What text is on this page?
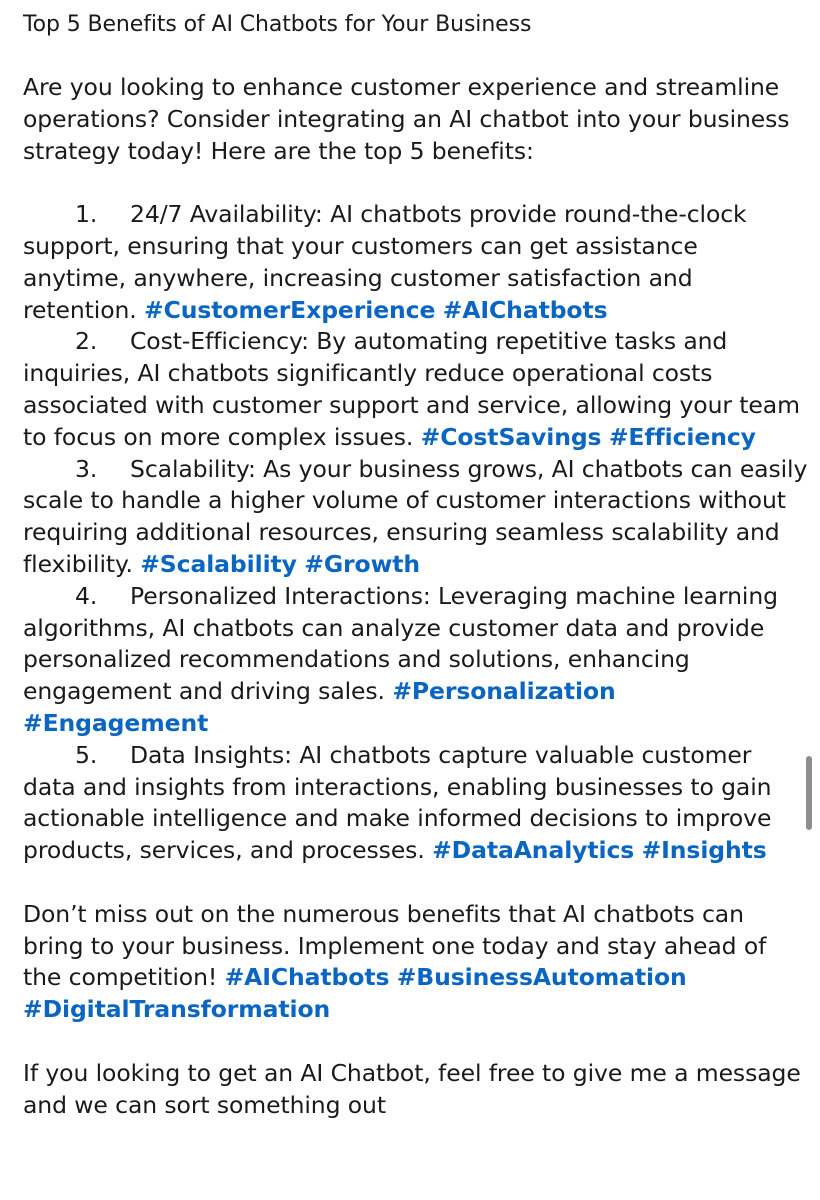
Top 5 Benefits of AI Chatbots for Your Business

Are you looking to enhance customer experience and streamline operations? Consider integrating an AI chatbot into your business strategy today! Here are the top 5 benefits:

1. 24/7 Availability: AI chatbots provide round-the-clock support, ensuring that your customers can get assistance anytime, anywhere, increasing customer satisfaction and retention. #CustomerExperience #AIChatbots
2. Cost-Efficiency: By automating repetitive tasks and inquiries, AI chatbots significantly reduce operational costs associated with customer support and service, allowing your team to focus on more complex issues. #CostSavings #Efficiency
3. Scalability: As your business grows, AI chatbots can easily scale to handle a higher volume of customer interactions without requiring additional resources, ensuring seamless scalability and flexibility. #Scalability #Growth
4. Personalized Interactions: Leveraging machine learning algorithms, AI chatbots can analyze customer data and provide personalized recommendations and solutions, enhancing engagement and driving sales. #Personalization #Engagement
5. Data Insights: AI chatbots capture valuable customer data and insights from interactions, enabling businesses to gain actionable intelligence and make informed decisions to improve products, services, and processes. #DataAnalytics #Insights

Don’t miss out on the numerous benefits that AI chatbots can bring to your business. Implement one today and stay ahead of the competition! #AIChatbots #BusinessAutomation #DigitalTransformation

If you looking to get an AI Chatbot, feel free to give me a message and we can sort something out
